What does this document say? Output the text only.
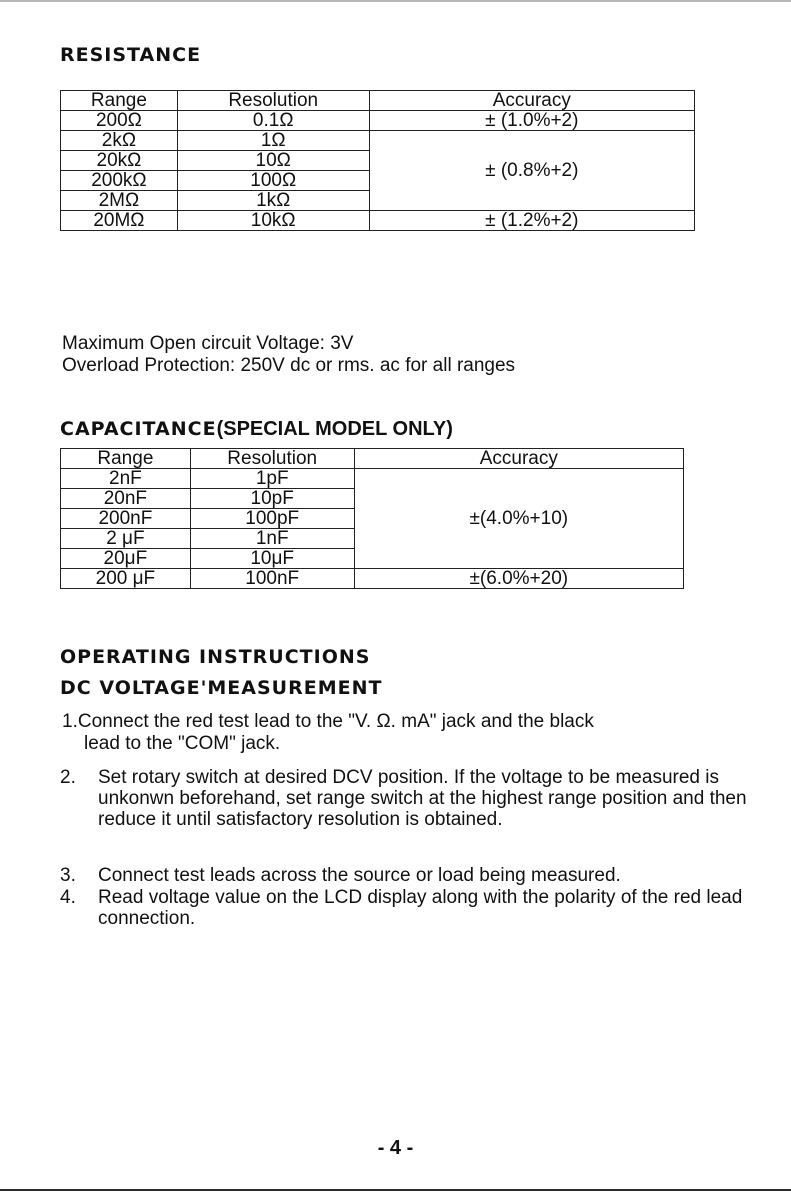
RESISTANCE
Range	Resolution	Accuracy
200Ω	0.1Ω	± (1.0%+2)
2kΩ	1Ω	± (0.8%+2)
20kΩ	10Ω	
200kΩ	100Ω	
2MΩ	1kΩ	
20MΩ	10kΩ	± (1.2%+2)
Maximum Open circuit Voltage: 3V
Overload Protection: 250V dc or rms. ac for all ranges
CAPACITANCE(SPECIAL MODEL ONLY)
Range	Resolution	Accuracy
2nF	1pF	±(4.0%+10)
20nF	10pF	
200nF	100pF	
2 μF	1nF	
20μF	10μF	
200 μF	100nF	±(6.0%+20)
OPERATING INSTRUCTIONS
DC VOLTAGE'MEASUREMENT
1.Connect the red test lead to the "V. Ω. mA" jack and the black
lead to the "COM" jack.
2. Set rotary switch at desired DCV position. If the voltage to be measured is unkonwn beforehand, set range switch at the highest range position and then reduce it until satisfactory resolution is obtained.
3. Connect test leads across the source or load being measured.
4. Read voltage value on the LCD display along with the polarity of the red lead connection.
- 4 -
